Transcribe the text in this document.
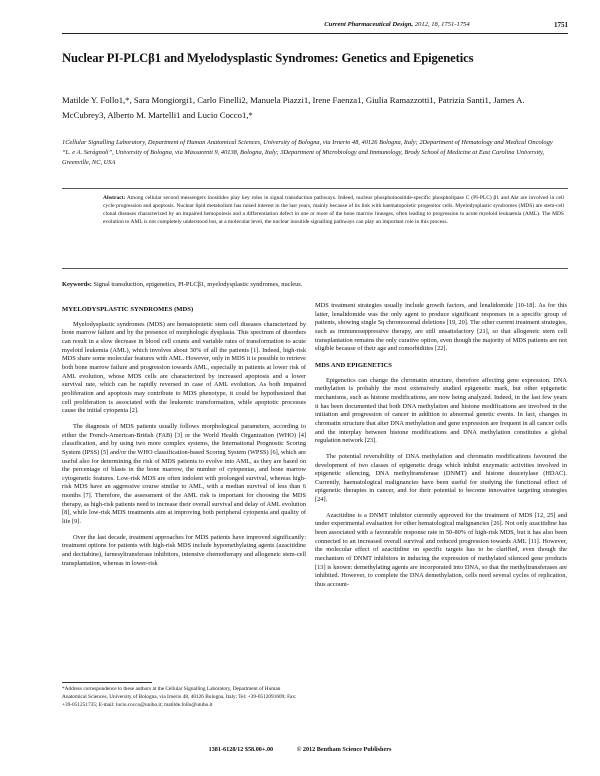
Current Pharmaceutical Design, 2012, 18, 1751-1754	1751
Nuclear PI-PLCβ1 and Myelodysplastic Syndromes: Genetics and Epigenetics
Matilde Y. Follo1,*, Sara Mongiorgi1, Carlo Finelli2, Manuela Piazzi1, Irene Faenza1, Giulia Ramazzotti1, Patrizia Santi1, James A. McCubrey3, Alberto M. Martelli1 and Lucio Cocco1,*
1Cellular Signalling Laboratory, Department of Human Anatomical Sciences, University of Bologna, via Irnerio 48, 40126 Bologna, Italy; 2Department of Hematology and Medical Oncology “L. e A. Seràgnoli”, University of Bologna, via Massarenti 9, 40138, Bologna, Italy; 3Department of Microbiology and Immunology, Brody School of Medicine at East Carolina University, Greenville, NC, USA
Abstract: Among cellular second messengers inositides play key roles in signal transduction pathways. Indeed, nuclear phosphoinositide-specific phospholipase C (PI-PLC) β1 and Akt are involved in cell cycle progression and apoptosis. Nuclear lipid metabolism has raised interest in the last years, mainly because of its link with haematopoietic progenitor cells. Myelodysplastic syndromes (MDS) are stem-cell clonal diseases characterized by an impaired hemopoiesis and a differentiation defect in one or more of the bone marrow lineages, often leading to progression to acute myeloid leukaemia (AML). The MDS evolution to AML is not completely understood but, at a molecular level, the nuclear inositide signalling pathways can play an important role in this process.
Keywords: Signal transduction, epigenetics, PI-PLCβ1, myelodysplastic syndromes, nucleus.
MYELODYSPLASTIC SYNDROMES (MDS)

Myelodysplastic syndromes (MDS) are hematopoietic stem cell diseases characterized by bone marrow failure and by the presence of morphologic dysplasia. This spectrum of disorders can result in a slow decrease in blood cell counts and variable rates of transformation to acute myeloid leukemia (AML), which involves about 30% of all the patients [1]. Indeed, high-risk MDS share some molecular features with AML. However, only in MDS it is possible to retrieve both bone marrow failure and progression towards AML, especially in patients at lower risk of AML evolution, whose MDS cells are characterized by increased apoptosis and a lower survival rate, which can be rapidly reversed in case of AML evolution. As both impaired proliferation and apoptosis may contribute to MDS phenotype, it could be hypothesized that cell proliferation is associated with the leukemic transformation, while apoptotic processes cause the initial cytopenia [2].

The diagnosis of MDS patients usually follows morphological parameters, according to either the French-American-British (FAB) [3] or the World Health Organization (WHO) [4] classification, and by using two more complex systems, the International Prognostic Scoring System (IPSS) [5] and/or the WHO classification-based Scoring System (WPSS) [6], which are useful also for determining the risk of MDS patients to evolve into AML, as they are based on the percentage of blasts in the bone marrow, the number of cytopenias, and bone marrow cytogenetic features. Low-risk MDS are often indolent with prolonged survival, whereas high-risk MDS have an aggressive course similar to AML, with a median survival of less than 6 months [7]. Therefore, the assessment of the AML risk is important for choosing the MDS therapy, as high-risk patients need to increase their overall survival and delay of AML evolution [8], while low-risk MDS treatments aim at improving both peripheral cytopenia and quality of life [9].

Over the last decade, treatment approaches for MDS patients have improved significantly: treatment options for patients with high-risk MDS include hypomethylating agents (azacitidine and decitabine), farnesyltransferase inhibitors, intensive chemotherapy and allogeneic stem-cell transplantation, whereas in lower-risk

MDS treatment strategies usually include growth factors, and lenalidomide [10-18]. As for this latter, lenalidomide was the only agent to produce significant responses in a specific group of patients, showing single 5q chromosomal deletions [19, 20]. The other current treatment strategies, such as immunosuppressive therapy, are still unsatisfactory [21], so that allogeneic stem cell transplantation remains the only curative option, even though the majority of MDS patients are not eligible because of their age and comorbidities [22].

MDS AND EPIGENETICS

Epigenetics can change the chromatin structure, therefore affecting gene expression. DNA methylation is probably the most extensively studied epigenetic mark, but other epigenetic mechanisms, such as histone modifications, are now being analyzed. Indeed, in the last few years it has been documented that both DNA methylation and histone modifications are involved in the initiation and progression of cancer in addition to abnormal genetic events. In fact, changes in chromatin structure that alter DNA methylation and gene expression are frequent in all cancer cells and the interplay between histone modifications and DNA methylation constitutes a global regulation network [23].

The potential reversibility of DNA methylation and chromatin modifications favoured the development of two classes of epigenetic drugs which inhibit enzymatic activities involved in epigenetic silencing, DNA methyltransferase (DNMT) and histone deacetylase (HDAC). Currently, haematological malignancies have been useful for studying the functional effect of epigenetic therapies in cancer, and for their potential to become innovative targeting strategies [24].

Azacitidine is a DNMT inhibitor currently approved for the treatment of MDS [12, 25] and under experimental evaluation for other hematological malignancies [26]. Not only azacitidine has been associated with a favourable response rate in 50-80% of high-risk MDS, but it has also been connected to an increased overall survival and reduced progression towards AML [11]. However, the molecular effect of azacitidine on specific targets has to be clarified, even though the mechanism of DNMT inhibitors in inducing the expression of methylated silenced gene products [13] is known: demethylating agents are incorporated into DNA, so that the methyltransferases are inhibited. However, to complete the DNA demethylation, cells need several cycles of replication, thus account-

*Address correspondence to these authors at the Cellular Signalling Laboratory, Department of Human Anatomical Sciences, University of Bologna, via Irnerio 48, 40126 Bologna, Italy; Tel: +39-0512091609; Fax: +39-051251735; E-mail: lucio.cocco@unibo.it; matilde.follo@unibo.it
1381-6128/12 $58.00+.00	© 2012 Bentham Science Publishers
